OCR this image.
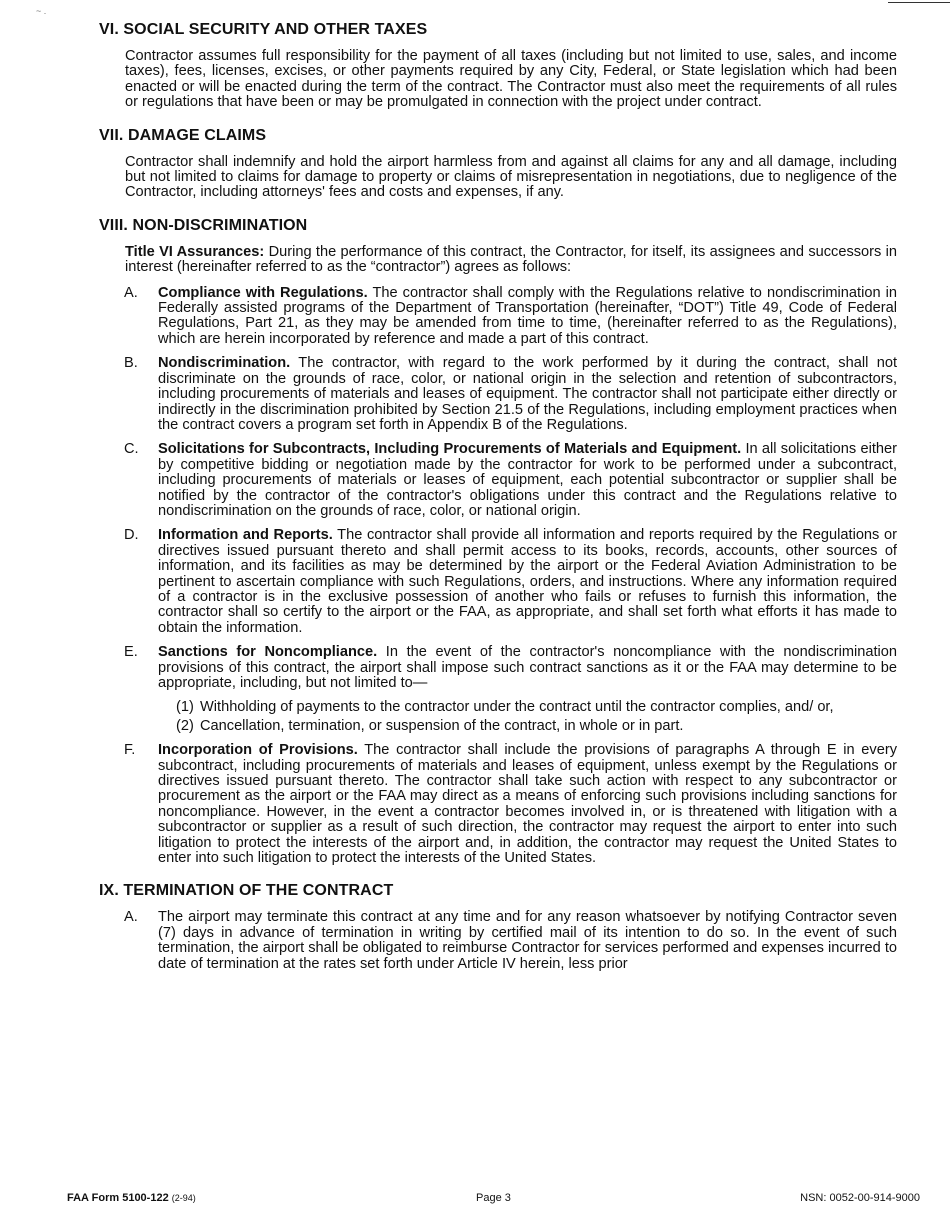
~ .
VI. SOCIAL SECURITY AND OTHER TAXES

Contractor assumes full responsibility for the payment of all taxes (including but not limited to use, sales, and income taxes), fees, licenses, excises, or other payments required by any City, Federal, or State legislation which had been enacted or will be enacted during the term of the contract. The Contractor must also meet the requirements of all rules or regulations that have been or may be promulgated in connection with the project under contract.

VII. DAMAGE CLAIMS

Contractor shall indemnify and hold the airport harmless from and against all claims for any and all damage, including but not limited to claims for damage to property or claims of misrepresentation in negotiations, due to negligence of the Contractor, including attorneys' fees and costs and expenses, if any.

VIII. NON-DISCRIMINATION

Title VI Assurances: During the performance of this contract, the Contractor, for itself, its assignees and successors in interest (hereinafter referred to as the “contractor”) agrees as follows:

A. Compliance with Regulations. The contractor shall comply with the Regulations relative to nondiscrimination in Federally assisted programs of the Department of Transportation (hereinafter, “DOT”) Title 49, Code of Federal Regulations, Part 21, as they may be amended from time to time, (hereinafter referred to as the Regulations), which are herein incorporated by reference and made a part of this contract.
B. Nondiscrimination. The contractor, with regard to the work performed by it during the contract, shall not discriminate on the grounds of race, color, or national origin in the selection and retention of subcontractors, including procurements of materials and leases of equipment. The contractor shall not participate either directly or indirectly in the discrimination prohibited by Section 21.5 of the Regulations, including employment practices when the contract covers a program set forth in Appendix B of the Regulations.
C. Solicitations for Subcontracts, Including Procurements of Materials and Equipment. In all solicitations either by competitive bidding or negotiation made by the contractor for work to be performed under a subcontract, including procurements of materials or leases of equipment, each potential subcontractor or supplier shall be notified by the contractor of the contractor's obligations under this contract and the Regulations relative to nondiscrimination on the grounds of race, color, or national origin.
D. Information and Reports. The contractor shall provide all information and reports required by the Regulations or directives issued pursuant thereto and shall permit access to its books, records, accounts, other sources of information, and its facilities as may be determined by the airport or the Federal Aviation Administration to be pertinent to ascertain compliance with such Regulations, orders, and instructions. Where any information required of a contractor is in the exclusive possession of another who fails or refuses to furnish this information, the contractor shall so certify to the airport or the FAA, as appropriate, and shall set forth what efforts it has made to obtain the information.
E. Sanctions for Noncompliance. In the event of the contractor's noncompliance with the nondiscrimination provisions of this contract, the airport shall impose such contract sanctions as it or the FAA may determine to be appropriate, including, but not limited to—
(1) Withholding of payments to the contractor under the contract until the contractor complies, and/ or,
(2) Cancellation, termination, or suspension of the contract, in whole or in part.
F. Incorporation of Provisions. The contractor shall include the provisions of paragraphs A through E in every subcontract, including procurements of materials and leases of equipment, unless exempt by the Regulations or directives issued pursuant thereto. The contractor shall take such action with respect to any subcontractor or procurement as the airport or the FAA may direct as a means of enforcing such provisions including sanctions for noncompliance. However, in the event a contractor becomes involved in, or is threatened with litigation with a subcontractor or supplier as a result of such direction, the contractor may request the airport to enter into such litigation to protect the interests of the airport and, in addition, the contractor may request the United States to enter into such litigation to protect the interests of the United States.
IX. TERMINATION OF THE CONTRACT
A. The airport may terminate this contract at any time and for any reason whatsoever by notifying Contractor seven (7) days in advance of termination in writing by certified mail of its intention to do so. In the event of such termination, the airport shall be obligated to reimburse Contractor for services performed and expenses incurred to date of termination at the rates set forth under Article IV herein, less prior
FAA Form 5100-122 (2-94)	Page 3	NSN: 0052-00-914-9000
